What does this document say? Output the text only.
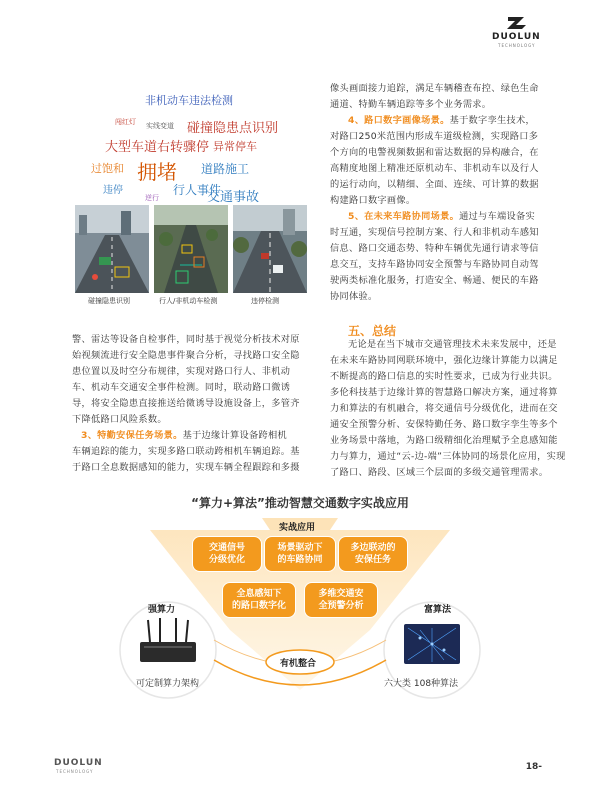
DUOLUN
TECHNOLOGY
非机动车违法检测
闯红灯 实线变道 碰撞隐患点识别
大型车道右转骤停 异常停车
过饱和 拥堵 道路施工
违停	行人事件
逆行	交通事故
碰撞隐患识别	行人/非机动车检测	违停检测
警、雷达等设备自检事件，同时基于视觉分析技术对原
始视频流进行安全隐患事件聚合分析，寻找路口安全隐
患位置以及时空分布规律，实现对路口行人、非机动
车、机动车交通安全事件检测。同时，联动路口微诱
导，将安全隐患直接推送给微诱导设施设备上，多管齐
下降低路口风险系数。
3、特勤安保任务场景。基于边缘计算设备跨相机
车辆追踪的能力，实现多路口联动跨相机车辆追踪。基
于路口全息数据感知的能力，实现车辆全程跟踪和多摄
像头画面接力追踪，满足车辆稽查布控、绿色生命
通道、特勤车辆追踪等多个业务需求。
4、路口数字画像场景。基于数字孪生技术，
对路口250米范围内形成车道级检测，实现路口多
个方向的电警视频数据和雷达数据的异构融合，在
高精度地图上精准还原机动车、非机动车以及行人
的运行动向，以精细、全面、连续、可计算的数据
构建路口数字画像。
5、在未来车路协同场景。通过与车端设备实
时互通，实现信号控制方案、行人和非机动车感知
信息、路口交通态势、特种车辆优先通行请求等信
息交互，支持车路协同安全预警与车路协同自动驾
驶两类标准化服务，打造安全、畅通、便民的车路
协同体验。
五、总结
无论是在当下城市交通管理技术未来发展中，还是
在未来车路协同网联环境中，强化边缘计算能力以满足
不断提高的路口信息的实时性要求，已成为行业共识。
多伦科技基于边缘计算的智慧路口解决方案，通过将算
力和算法的有机融合，将交通信号分级优化，进而在交
通安全预警分析、安保特勤任务、路口数字孪生等多个
业务场景中落地，为路口级精细化治理赋予全息感知能
力与算力，通过“云-边-端”三体协同的场景化应用，实现
了路口、路段、区域三个层面的多级交通管理需求。
“算力+算法”推动智慧交通数字实战应用
实战应用
交通信号
分级优化
场景驱动下
的车路协同
多边联动的
安保任务
全息感知下
的路口数字化
多维交通安
全预警分析
强算力	富算法
有机整合
可定制算力架构	六大类 108种算法
DUOLUN
TECHNOLOGY	18-
